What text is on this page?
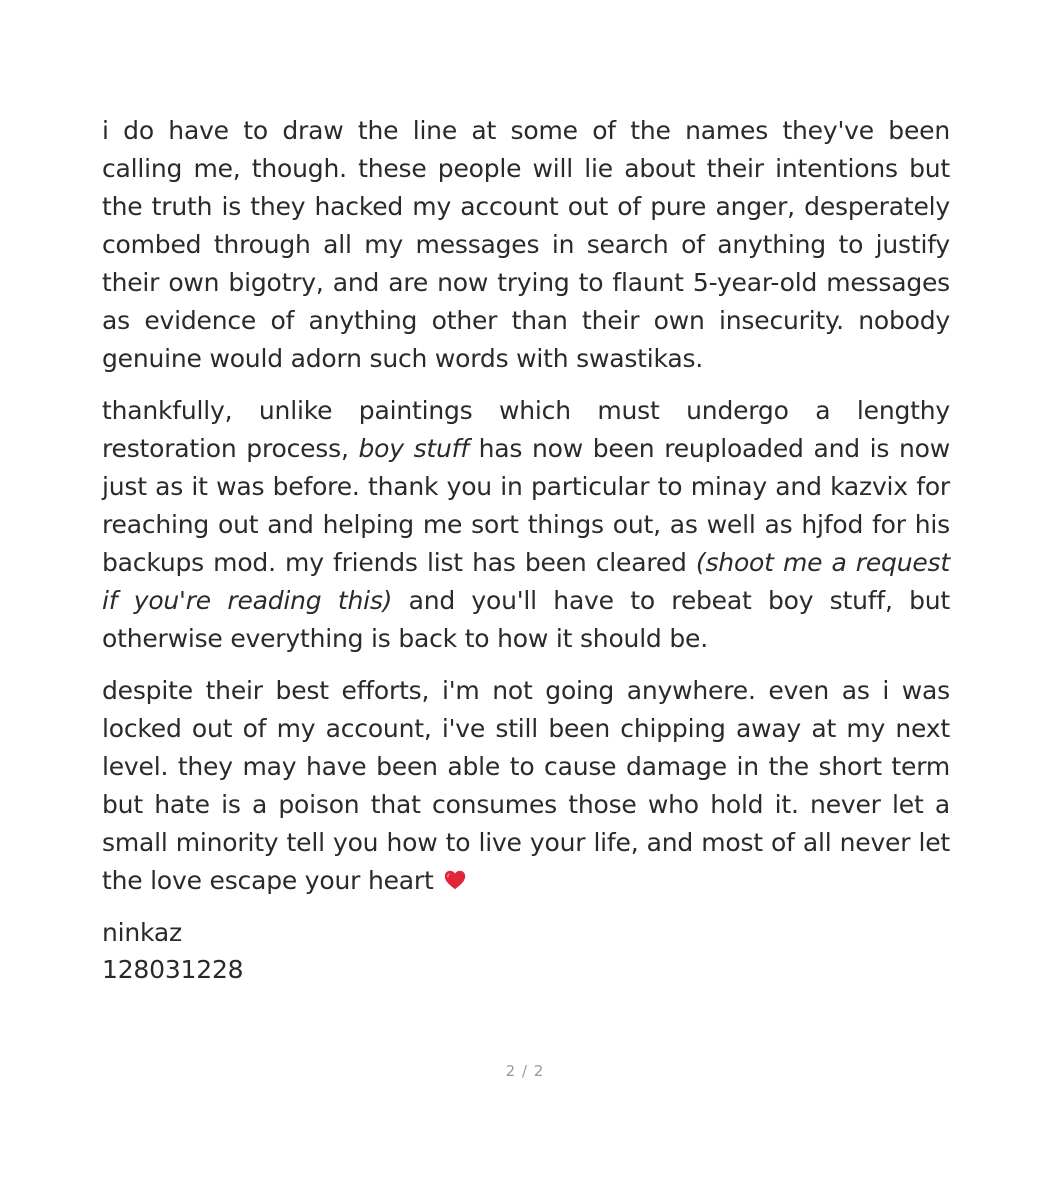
i do have to draw the line at some of the names they've been calling me, though. these people will lie about their intentions but the truth is they hacked my account out of pure anger, desperately combed through all my messages in search of anything to justify their own bigotry, and are now trying to flaunt 5-year-old messages as evidence of anything other than their own insecurity. nobody genuine would adorn such words with swastikas.

thankfully, unlike paintings which must undergo a lengthy restoration process, boy stuff has now been reuploaded and is now just as it was before. thank you in particular to minay and kazvix for reaching out and helping me sort things out, as well as hjfod for his backups mod. my friends list has been cleared (shoot me a request if you're reading this) and you'll have to rebeat boy stuff, but otherwise everything is back to how it should be.

despite their best efforts, i'm not going anywhere. even as i was locked out of my account, i've still been chipping away at my next level. they may have been able to cause damage in the short term but hate is a poison that consumes those who hold it. never let a small minority tell you how to live your life, and most of all never let the love escape your heart

ninkaz
128031228
2 / 2
